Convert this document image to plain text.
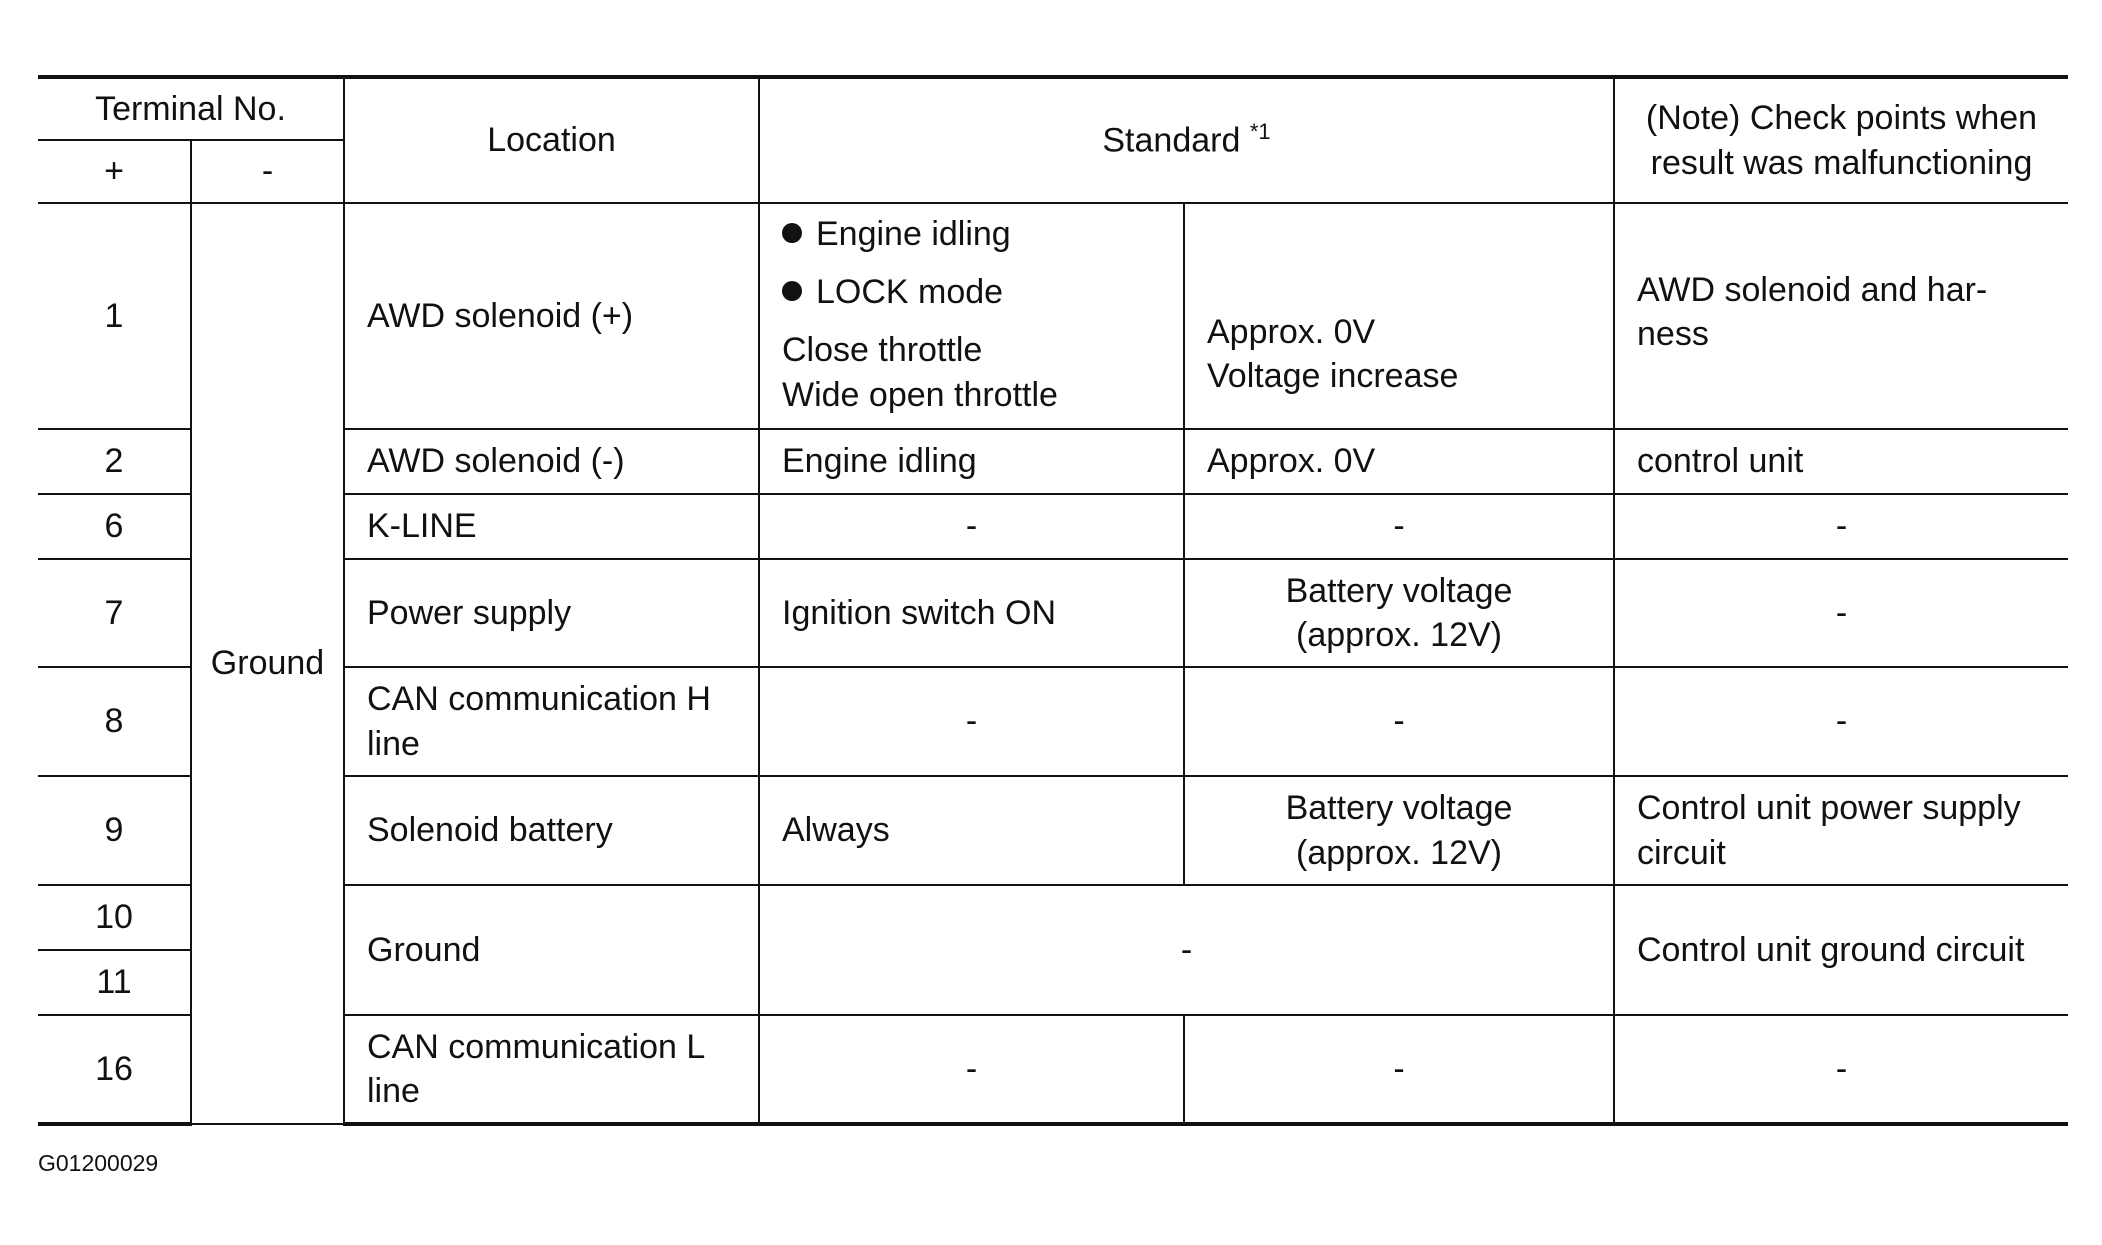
Terminal No.		Location	Standard $^{*1}$		(Note) Check points when result was malfunctioning
+	-				
1	Ground	AWD solenoid (+)	Engine idling
LOCK mode
Close throttle
Wide open throttle	Approx. 0V
Voltage increase	AWD solenoid and har-ness
2		AWD solenoid (-)	Engine idling	Approx. 0V	control unit
6		K-LINE	-	-	-
7		Power supply	Ignition switch ON	Battery voltage (approx. 12V)	-
8		CAN communication H line	-	-	-
9		Solenoid battery	Always	Battery voltage (approx. 12V)	Control unit power supply circuit
10		Ground	-		Control unit ground circuit
11					
16		CAN communication L line	-	-	-
G01200029
